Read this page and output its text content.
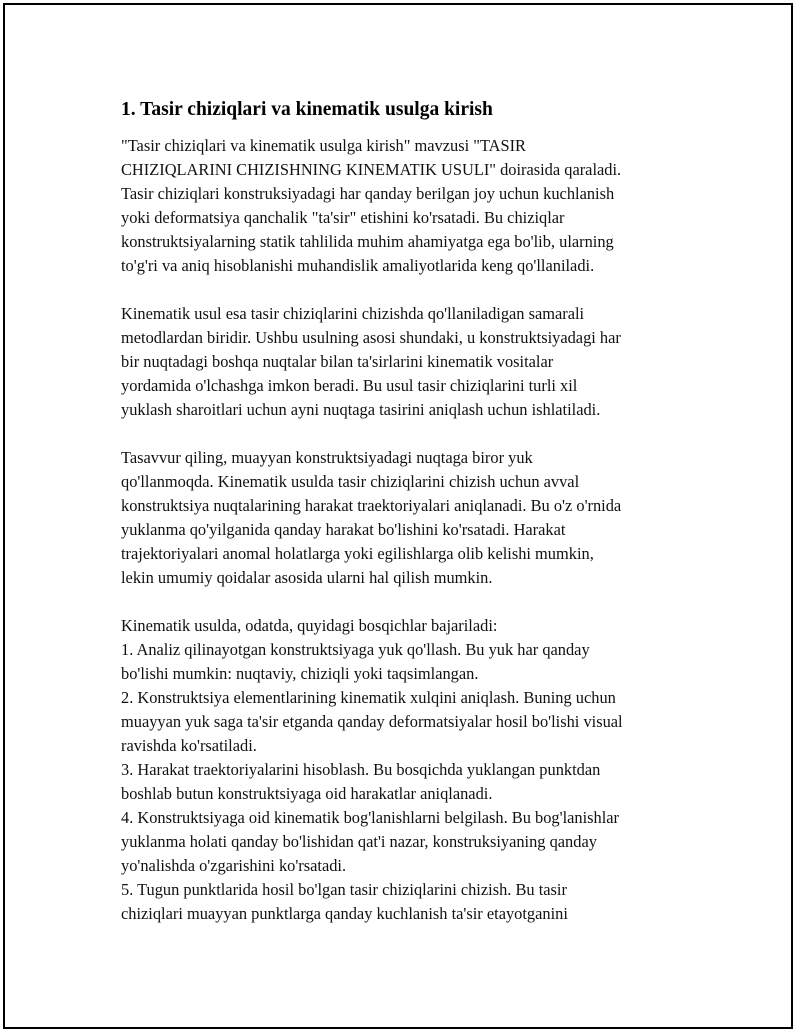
1. Tasir chiziqlari va kinematik usulga kirish
"Tasir chiziqlari va kinematik usulga kirish" mavzusi "TASIR
CHIZIQLARINI CHIZISHNING KINEMATIK USULI" doirasida qaraladi.
Tasir chiziqlari konstruksiyadagi har qanday berilgan joy uchun kuchlanish
yoki deformatsiya qanchalik "ta'sir" etishini ko'rsatadi. Bu chiziqlar
konstruktsiyalarning statik tahlilida muhim ahamiyatga ega bo'lib, ularning
to'g'ri va aniq hisoblanishi muhandislik amaliyotlarida keng qo'llaniladi.
Kinematik usul esa tasir chiziqlarini chizishda qo'llaniladigan samarali
metodlardan biridir. Ushbu usulning asosi shundaki, u konstruktsiyadagi har
bir nuqtadagi boshqa nuqtalar bilan ta'sirlarini kinematik vositalar
yordamida o'lchashga imkon beradi. Bu usul tasir chiziqlarini turli xil
yuklash sharoitlari uchun ayni nuqtaga tasirini aniqlash uchun ishlatiladi.
Tasavvur qiling, muayyan konstruktsiyadagi nuqtaga biror yuk
qo'llanmoqda. Kinematik usulda tasir chiziqlarini chizish uchun avval
konstruktsiya nuqtalarining harakat traektoriyalari aniqlanadi. Bu o'z o'rnida
yuklanma qo'yilganida qanday harakat bo'lishini ko'rsatadi. Harakat
trajektoriyalari anomal holatlarga yoki egilishlarga olib kelishi mumkin,
lekin umumiy qoidalar asosida ularni hal qilish mumkin.
Kinematik usulda, odatda, quyidagi bosqichlar bajariladi:
1. Analiz qilinayotgan konstruktsiyaga yuk qo'llash. Bu yuk har qanday
bo'lishi mumkin: nuqtaviy, chiziqli yoki taqsimlangan.
2. Konstruktsiya elementlarining kinematik xulqini aniqlash. Buning uchun
muayyan yuk saga ta'sir etganda qanday deformatsiyalar hosil bo'lishi visual
ravishda ko'rsatiladi.
3. Harakat traektoriyalarini hisoblash. Bu bosqichda yuklangan punktdan
boshlab butun konstruktsiyaga oid harakatlar aniqlanadi.
4. Konstruktsiyaga oid kinematik bog'lanishlarni belgilash. Bu bog'lanishlar
yuklanma holati qanday bo'lishidan qat'i nazar, konstruksiyaning qanday
yo'nalishda o'zgarishini ko'rsatadi.
5. Tugun punktlarida hosil bo'lgan tasir chiziqlarini chizish. Bu tasir
chiziqlari muayyan punktlarga qanday kuchlanish ta'sir etayotganini
